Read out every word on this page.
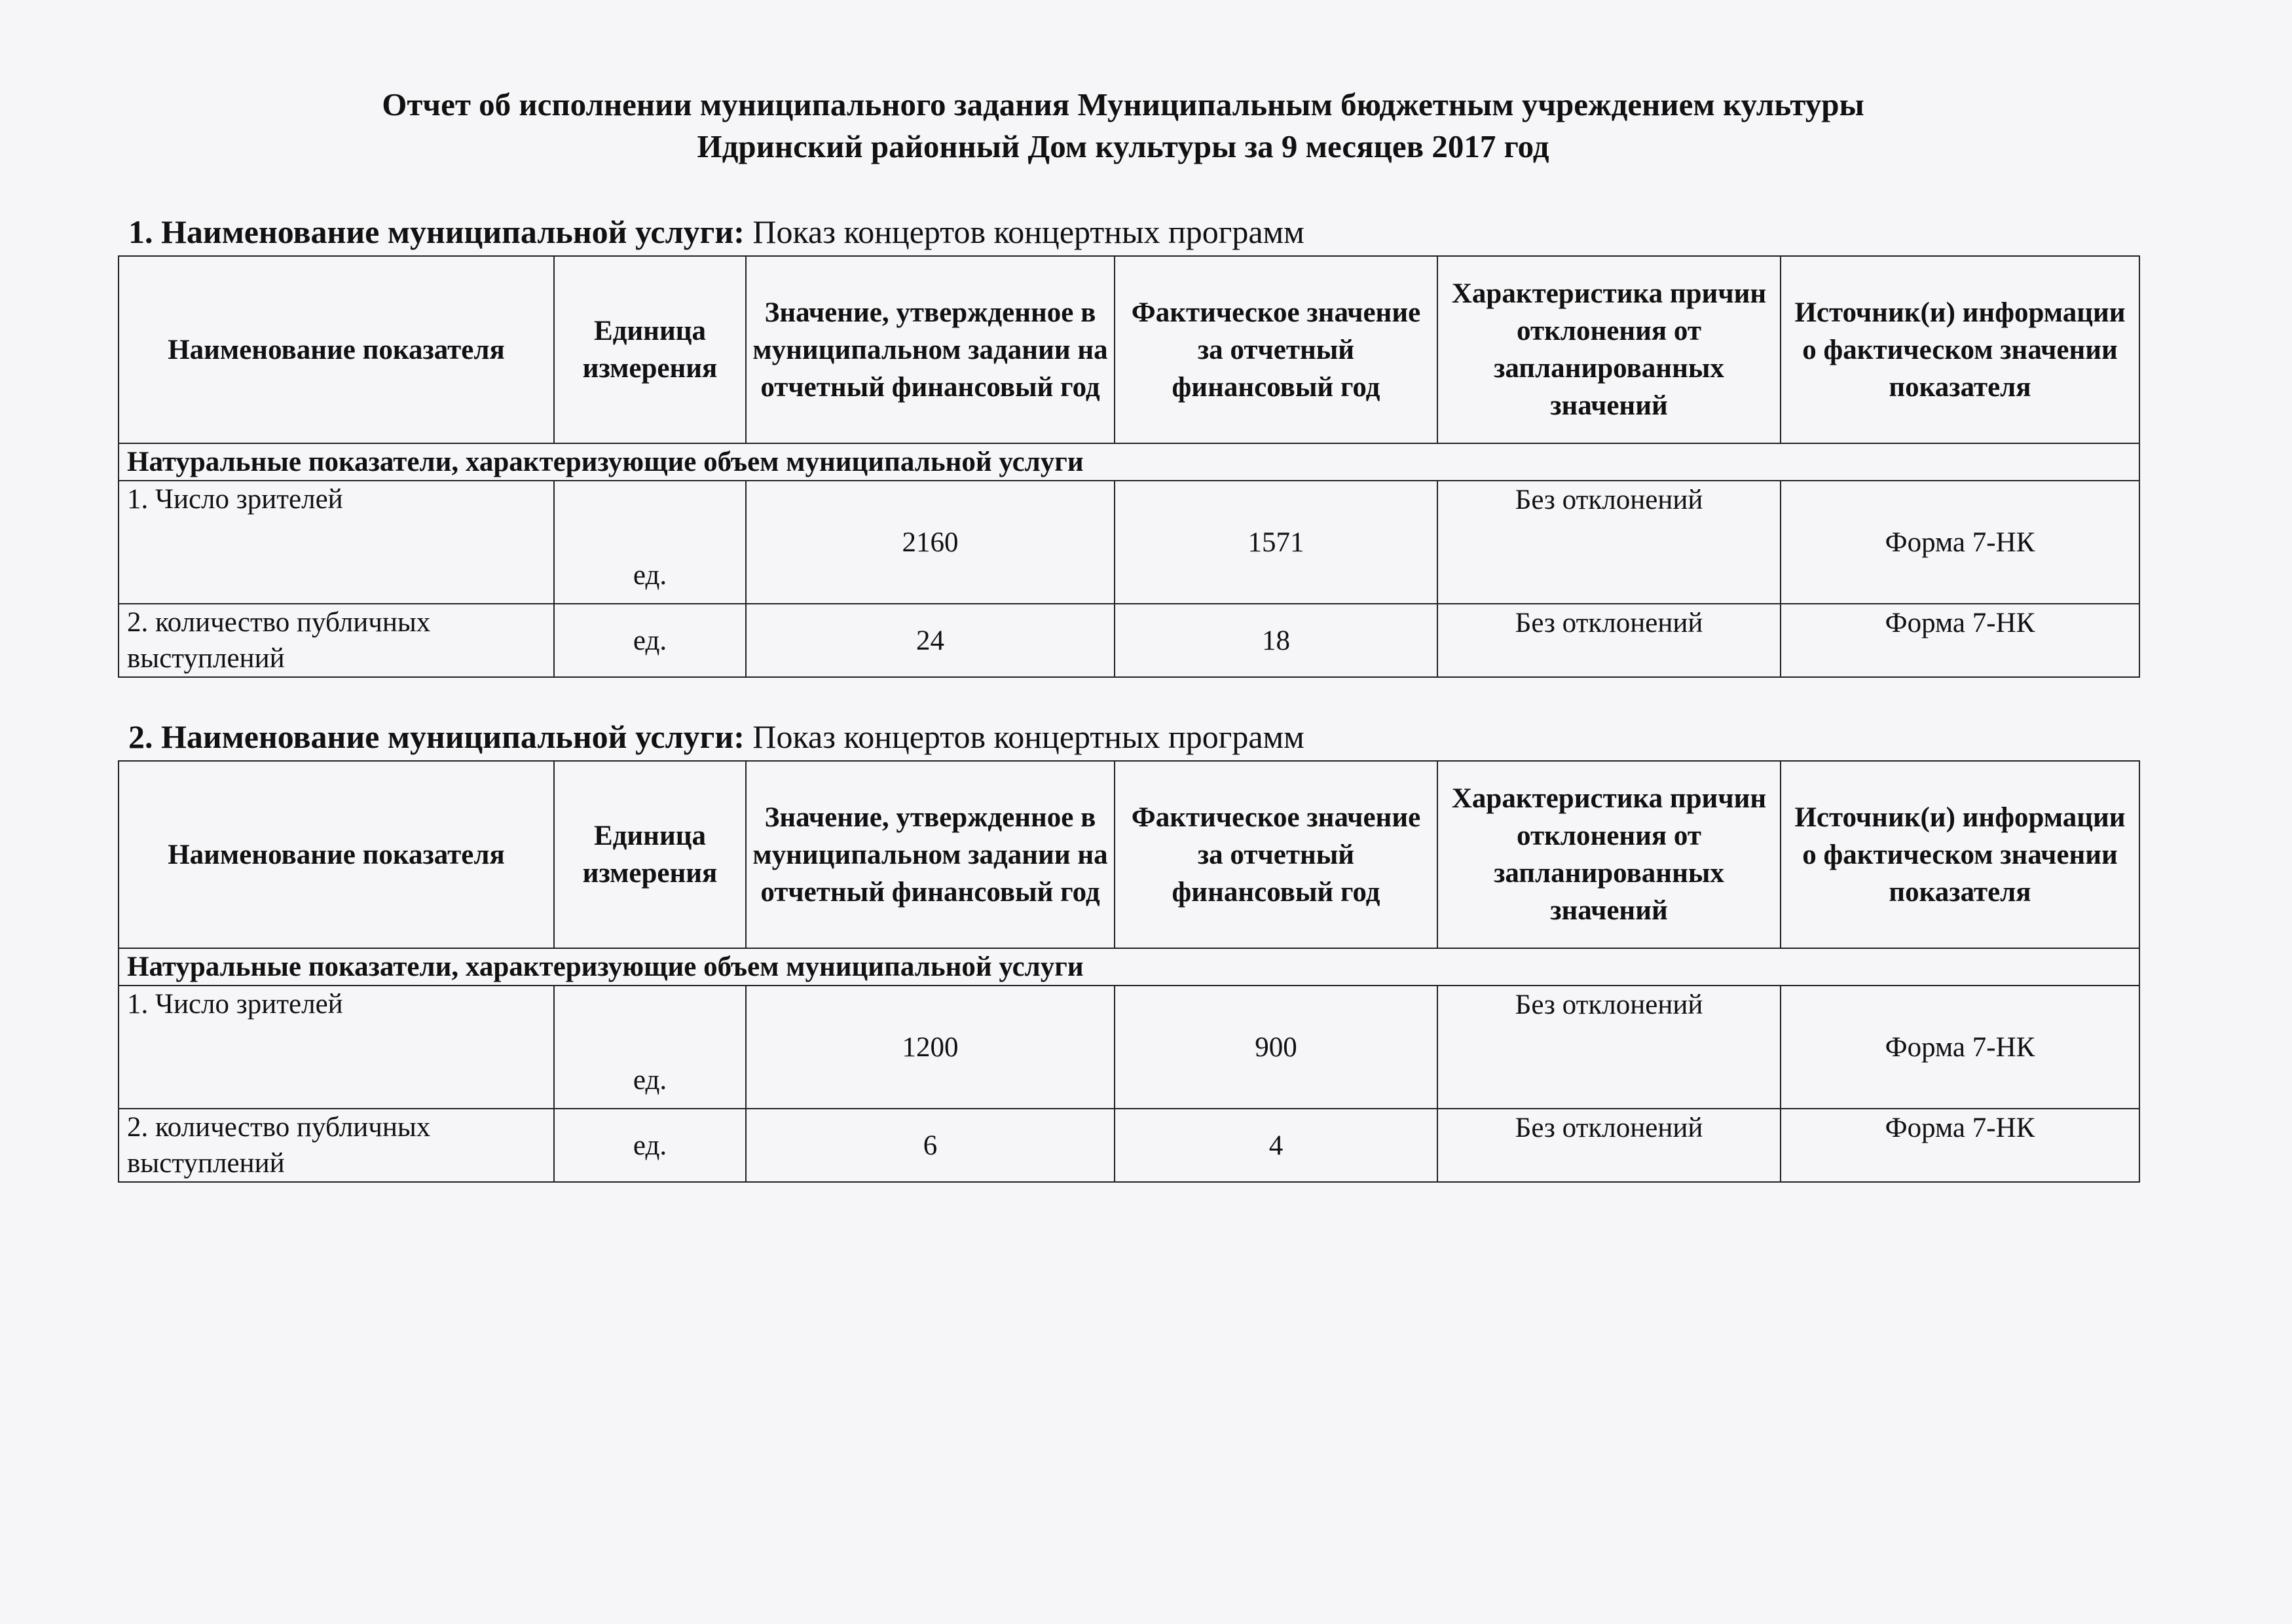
Отчет об исполнении муниципального задания Муниципальным бюджетным учреждением культуры
Идринский районный Дом культуры за 9 месяцев 2017 год
1. Наименование муниципальной услуги: Показ концертов концертных программ
Наименование показателя	Единица измерения	Значение, утвержденное в муниципальном задании на отчетный финансовый год	Фактическое значение за отчетный финансовый год	Характеристика причин отклонения от запланированных значений	Источник(и) информации о фактическом значении показателя
Натуральные показатели, характеризующие объем муниципальной услуги					
1. Число зрителей	ед.	2160	1571	Без отклонений	Форма 7-НК
2. количество публичных выступлений	ед.	24	18	Без отклонений	Форма 7-НК
2. Наименование муниципальной услуги: Показ концертов концертных программ
Наименование показателя	Единица измерения	Значение, утвержденное в муниципальном задании на отчетный финансовый год	Фактическое значение за отчетный финансовый год	Характеристика причин отклонения от запланированных значений	Источник(и) информации о фактическом значении показателя
Натуральные показатели, характеризующие объем муниципальной услуги					
1. Число зрителей	ед.	1200	900	Без отклонений	Форма 7-НК
2. количество публичных выступлений	ед.	6	4	Без отклонений	Форма 7-НК
